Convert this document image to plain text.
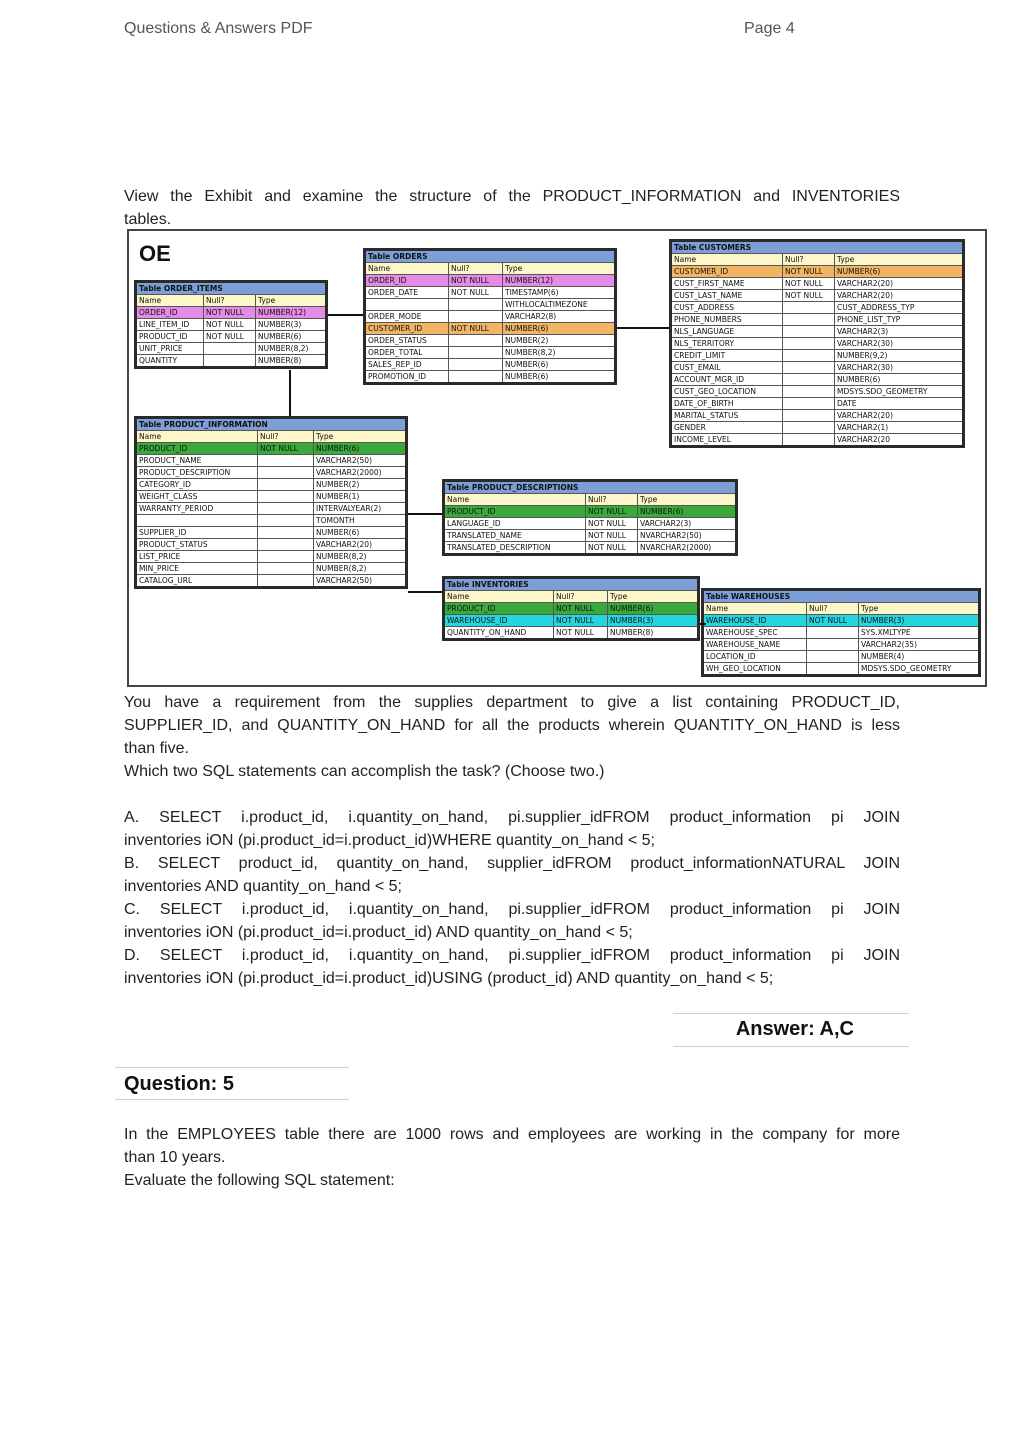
Questions & Answers PDF	Page 4
View the Exhibit and examine the structure of the PRODUCT_INFORMATION and INVENTORIES
tables.
OE	Table ORDERS		
Name	Null?	Type
ORDER_ID	NOT NULL	NUMBER(12)
ORDER_DATE	NOT NULL	TIMESTAMP(6)
		WITHLOCALTIMEZONE
ORDER_MODE		VARCHAR2(8)
CUSTOMER_ID	NOT NULL	NUMBER(6)
ORDER_STATUS		NUMBER(2)
ORDER_TOTAL		NUMBER(8,2)
SALES_REP_ID		NUMBER(6)
PROMOTION_ID		NUMBER(6)
Table CUSTOMERS		
Name	Null?	Type
CUSTOMER_ID	NOT NULL	NUMBER(6)
CUST_FIRST_NAME	NOT NULL	VARCHAR2(20)
CUST_LAST_NAME	NOT NULL	VARCHAR2(20)
CUST_ADDRESS		CUST_ADDRESS_TYP
PHONE_NUMBERS		PHONE_LIST_TYP
NLS_LANGUAGE		VARCHAR2(3)
NLS_TERRITORY		VARCHAR2(30)
CREDIT_LIMIT		NUMBER(9,2)
CUST_EMAIL		VARCHAR2(30)
ACCOUNT_MGR_ID		NUMBER(6)
CUST_GEO_LOCATION		MDSYS.SDO_GEOMETRY
DATE_OF_BIRTH		DATE
MARITAL_STATUS		VARCHAR2(20)
GENDER		VARCHAR2(1)
INCOME_LEVEL		VARCHAR2(20
Table ORDER_ITEMS		
Name	Null?	Type
ORDER_ID	NOT NULL	NUMBER(12)
LINE_ITEM_ID	NOT NULL	NUMBER(3)
PRODUCT_ID	NOT NULL	NUMBER(6)
UNIT_PRICE		NUMBER(8,2)
QUANTITY		NUMBER(8)
Table PRODUCT_INFORMATION		
Name	Null?	Type
PRODUCT_ID	NOT NULL	NUMBER(6)
PRODUCT_NAME		VARCHAR2(50)
PRODUCT_DESCRIPTION		VARCHAR2(2000)
CATEGORY_ID		NUMBER(2)
WEIGHT_CLASS		NUMBER(1)
WARRANTY_PERIOD		INTERVALYEAR(2)
		TOMONTH
SUPPLIER_ID		NUMBER(6)
PRODUCT_STATUS		VARCHAR2(20)
LIST_PRICE		NUMBER(8,2)
MIN_PRICE		NUMBER(8,2)
CATALOG_URL		VARCHAR2(50)
Table PRODUCT_DESCRIPTIONS		
Name	Null?	Type
PRODUCT_ID	NOT NULL	NUMBER(6)
LANGUAGE_ID	NOT NULL	VARCHAR2(3)
TRANSLATED_NAME	NOT NULL	NVARCHAR2(50)
TRANSLATED_DESCRIPTION	NOT NULL	NVARCHAR2(2000)
Table INVENTORIES		
Name	Null?	Type
PRODUCT_ID	NOT NULL	NUMBER(6)
WAREHOUSE_ID	NOT NULL	NUMBER(3)
QUANTITY_ON_HAND	NOT NULL	NUMBER(8)
Table WAREHOUSES		
Name	Null?	Type
WAREHOUSE_ID	NOT NULL	NUMBER(3)
WAREHOUSE_SPEC		SYS.XMLTYPE
WAREHOUSE_NAME		VARCHAR2(35)
LOCATION_ID		NUMBER(4)
WH_GEO_LOCATION		MDSYS.SDO_GEOMETRY
You have a requirement from the supplies department to give a list containing PRODUCT_ID,
SUPPLIER_ID, and QUANTITY_ON_HAND for all the products wherein QUANTITY_ON_HAND is less
than five.
Which two SQL statements can accomplish the task? (Choose two.)
A. SELECT i.product_id, i.quantity_on_hand, pi.supplier_idFROM product_information pi JOIN
inventories iON (pi.product_id=i.product_id)WHERE quantity_on_hand < 5;
B. SELECT product_id, quantity_on_hand, supplier_idFROM product_informationNATURAL JOIN
inventories AND quantity_on_hand < 5;
C. SELECT i.product_id, i.quantity_on_hand, pi.supplier_idFROM product_information pi JOIN
inventories iON (pi.product_id=i.product_id) AND quantity_on_hand < 5;
D. SELECT i.product_id, i.quantity_on_hand, pi.supplier_idFROM product_information pi JOIN
inventories iON (pi.product_id=i.product_id)USING (product_id) AND quantity_on_hand < 5;
Answer: A,C
Question: 5
In the EMPLOYEES table there are 1000 rows and employees are working in the company for more
than 10 years.
Evaluate the following SQL statement:
